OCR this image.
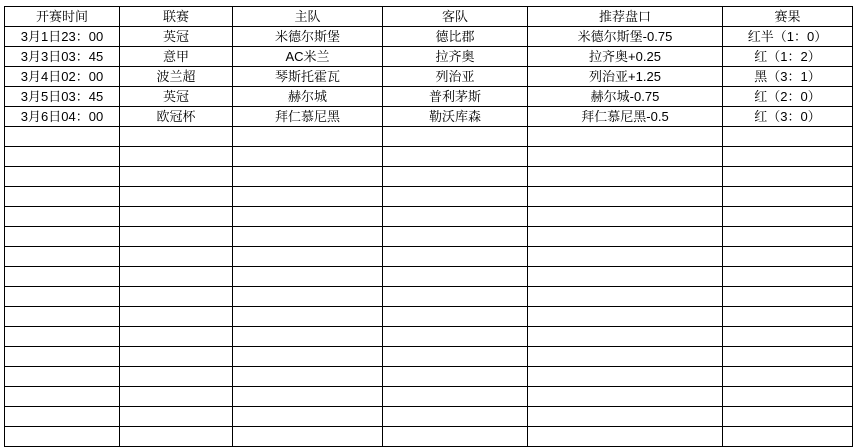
开赛时间	联赛	主队	客队	推荐盘口	赛果
3月1日23：00	英冠	米德尔斯堡	德比郡	米德尔斯堡-0.75	红半（1：0）
3月3日03：45	意甲	AC米兰	拉齐奥	拉齐奥+0.25	红（1：2）
3月4日02：00	波兰超	琴斯托霍瓦	列治亚	列治亚+1.25	黑（3：1）
3月5日03：45	英冠	赫尔城	普利茅斯	赫尔城-0.75	红（2：0）
3月6日04：00	欧冠杯	拜仁慕尼黑	勒沃库森	拜仁慕尼黑-0.5	红（3：0）
